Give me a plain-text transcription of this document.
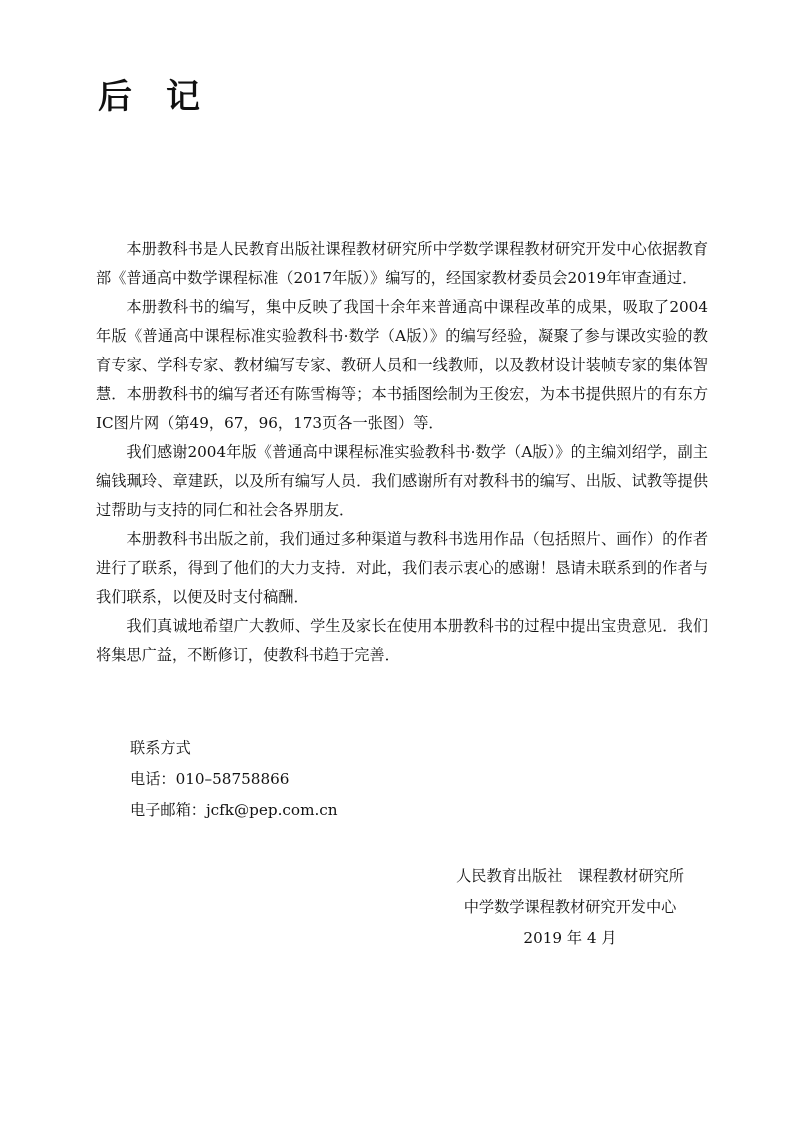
后记

本册教科书是人民教育出版社课程教材研究所中学数学课程教材研究开发中心依据教育部《普通高中数学课程标准（2017年版）》编写的，经国家教材委员会2019年审查通过．

本册教科书的编写，集中反映了我国十余年来普通高中课程改革的成果，吸取了2004年版《普通高中课程标准实验教科书·数学（A版）》的编写经验，凝聚了参与课改实验的教育专家、学科专家、教材编写专家、教研人员和一线教师，以及教材设计装帧专家的集体智慧．本册教科书的编写者还有陈雪梅等；本书插图绘制为王俊宏，为本书提供照片的有东方IC图片网（第49，67，96，173页各一张图）等．

我们感谢2004年版《普通高中课程标准实验教科书·数学（A版）》的主编刘绍学，副主编钱珮玲、章建跃，以及所有编写人员．我们感谢所有对教科书的编写、出版、试教等提供过帮助与支持的同仁和社会各界朋友．

本册教科书出版之前，我们通过多种渠道与教科书选用作品（包括照片、画作）的作者进行了联系，得到了他们的大力支持．对此，我们表示衷心的感谢！恳请未联系到的作者与我们联系，以便及时支付稿酬．

我们真诚地希望广大教师、学生及家长在使用本册教科书的过程中提出宝贵意见．我们将集思广益，不断修订，使教科书趋于完善．

联系方式
电话：010–58758866
电子邮箱：jcfk@pep.com.cn
人民教育出版社　课程教材研究所
中学数学课程教材研究开发中心
2019 年 4 月
